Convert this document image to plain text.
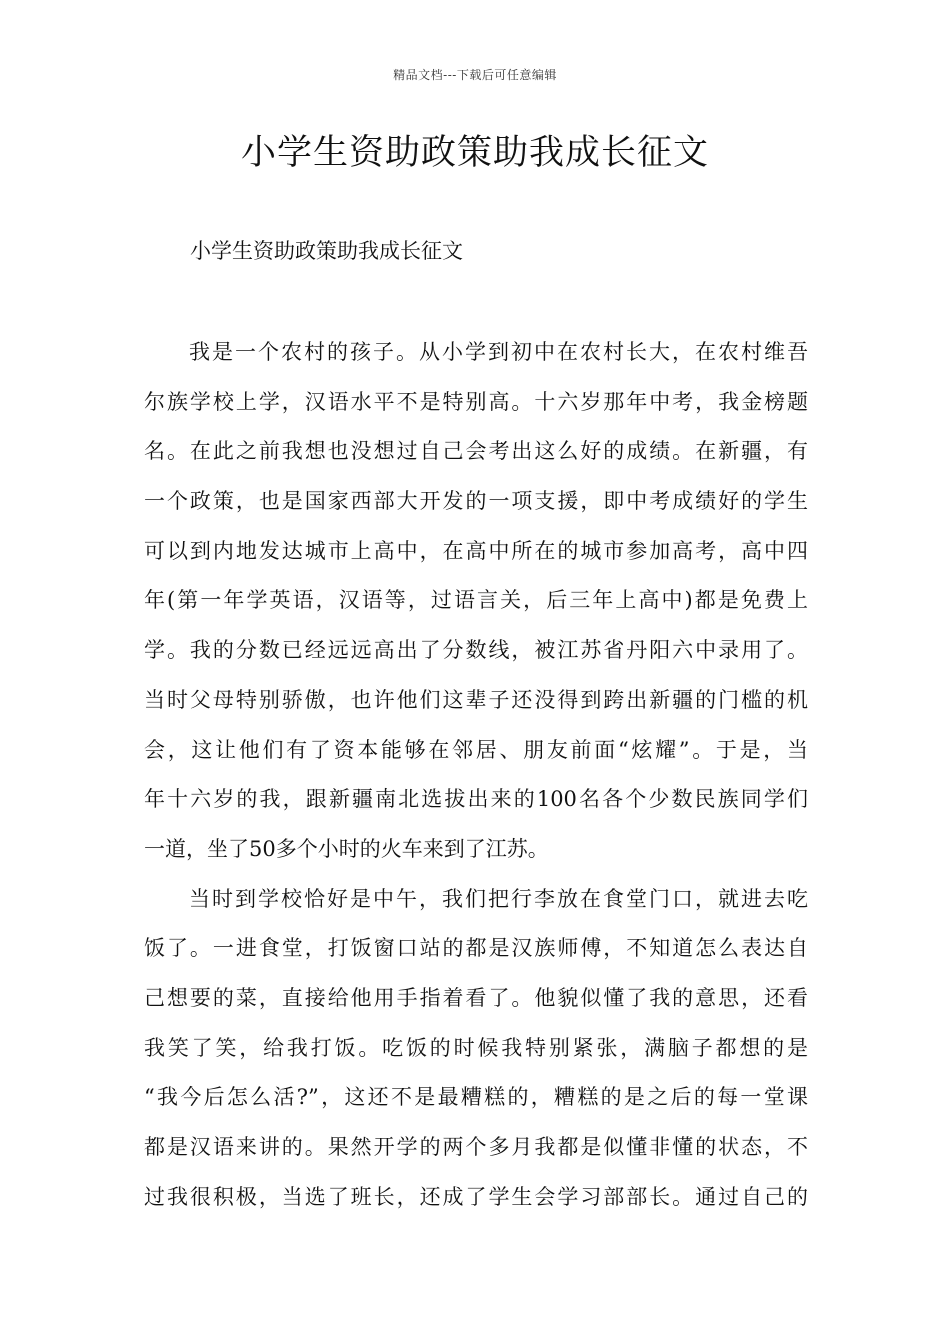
精品文档---下载后可任意编辑
小学生资助政策助我成长征文
小学生资助政策助我成长征文
我是一个农村的孩子。从小学到初中在农村长大，在农村维吾
尔族学校上学，汉语水平不是特别高。十六岁那年中考，我金榜题
名。在此之前我想也没想过自己会考出这么好的成绩。在新疆，有
一个政策，也是国家西部大开发的一项支援，即中考成绩好的学生
可以到内地发达城市上高中，在高中所在的城市参加高考，高中四
年(第一年学英语，汉语等，过语言关，后三年上高中)都是免费上
学。我的分数已经远远高出了分数线，被江苏省丹阳六中录用了。
当时父母特别骄傲，也许他们这辈子还没得到跨出新疆的门槛的机
会，这让他们有了资本能够在邻居、朋友前面“炫耀”。于是，当
年十六岁的我，跟新疆南北选拔出来的100名各个少数民族同学们
一道，坐了50多个小时的火车来到了江苏。
当时到学校恰好是中午，我们把行李放在食堂门口，就进去吃
饭了。一进食堂，打饭窗口站的都是汉族师傅，不知道怎么表达自
己想要的菜，直接给他用手指着看了。他貌似懂了我的意思，还看
我笑了笑，给我打饭。吃饭的时候我特别紧张，满脑子都想的是
“我今后怎么活?”，这还不是最糟糕的，糟糕的是之后的每一堂课
都是汉语来讲的。果然开学的两个多月我都是似懂非懂的状态，不
过我很积极，当选了班长，还成了学生会学习部部长。通过自己的
